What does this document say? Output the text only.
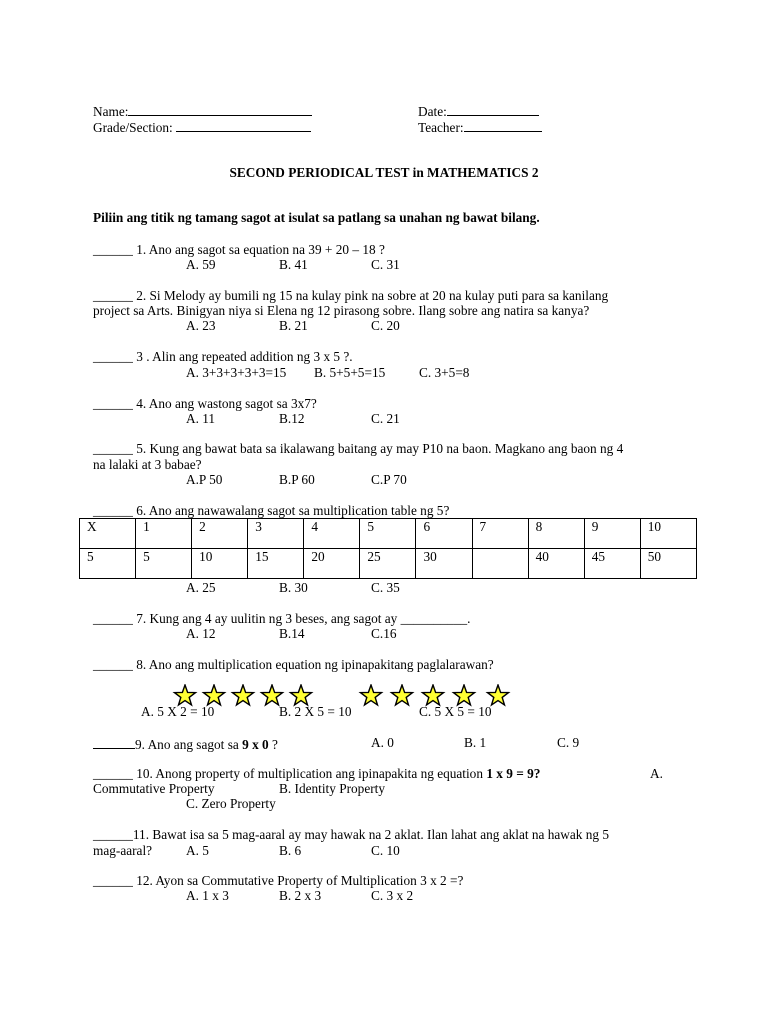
Name:	Date:
Grade/Section:	Teacher:
SECOND PERIODICAL TEST in MATHEMATICS 2
Piliin ang titik ng tamang sagot at isulat sa patlang sa unahan ng bawat bilang.
______ 1. Ano ang sagot sa equation na 39 + 20 – 18 ?
A. 59	B. 41	C. 31
______ 2. Si Melody ay bumili ng 15 na kulay pink na sobre at 20 na kulay puti para sa kanilang
project sa Arts. Binigyan niya si Elena ng 12 pirasong sobre. Ilang sobre ang natira sa kanya?
A. 23	B. 21	C. 20
______ 3 . Alin ang repeated addition ng 3 x 5 ?.
A. 3+3+3+3+3=15 B. 5+5+5=15	C. 3+5=8
______ 4. Ano ang wastong sagot sa 3x7?
A. 11	B.12	C. 21
______ 5. Kung ang bawat bata sa ikalawang baitang ay may P10 na baon. Magkano ang baon ng 4
na lalaki at 3 babae?
A.P 50	B.P 60	C.P 70
______ 6. Ano ang nawawalang sagot sa multiplication table ng 5?
X	1	2	3	4	5	6	7	8	9	10
5	5	10	15	20	25	30		40	45	50
A. 25	B. 30	C. 35
______ 7. Kung ang 4 ay uulitin ng 3 beses, ang sagot ay __________.
A. 12	B.14	C.16
______ 8. Ano ang multiplication equation ng ipinapakitang paglalarawan?
A. 5 X 2 = 10	B. 2 X 5 = 10	C. 5 X 5 = 10
9. Ano ang sagot sa 9 x 0 ?	A. 0	B. 1	C. 9
______ 10. Anong property of multiplication ang ipinapakita ng equation 1 x 9 = 9?	A.
Commutative Property	B. Identity Property
C. Zero Property
______11. Bawat isa sa 5 mag-aaral ay may hawak na 2 aklat. Ilan lahat ang aklat na hawak ng 5
mag-aaral?	A. 5	B. 6	C. 10
______ 12. Ayon sa Commutative Property of Multiplication 3 x 2 =?
A. 1 x 3	B. 2 x 3	C. 3 x 2
